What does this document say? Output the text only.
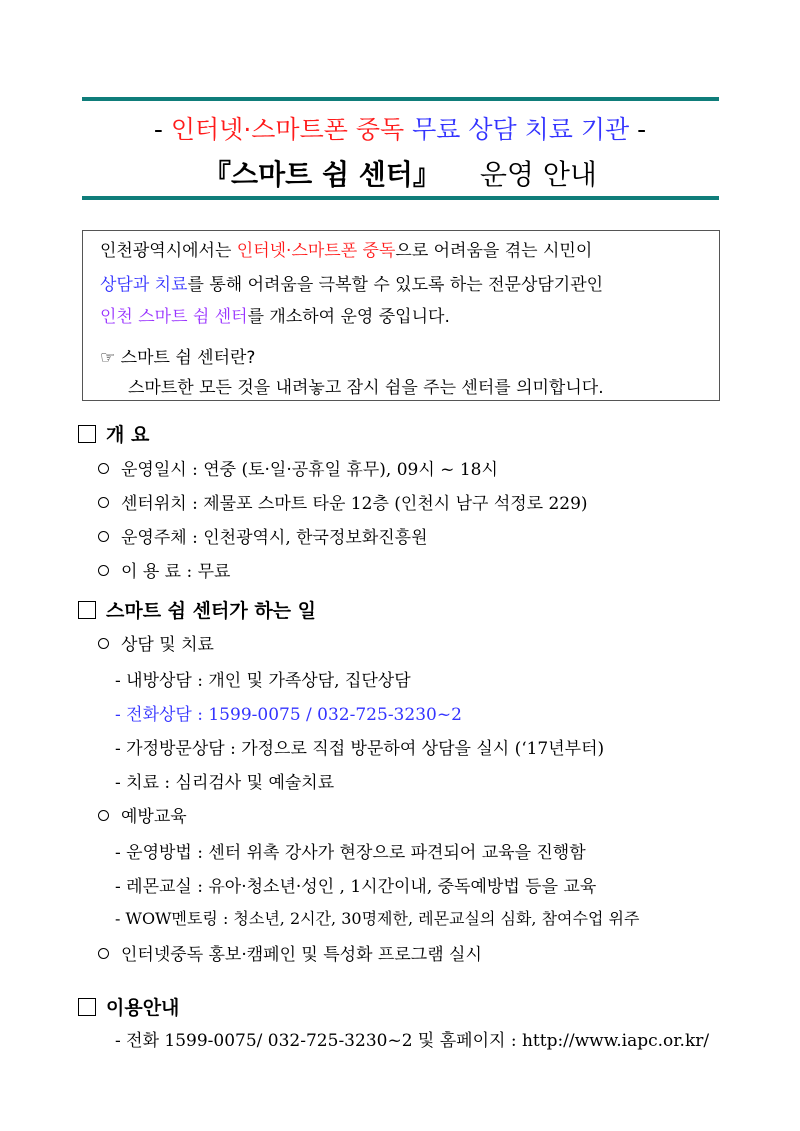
- 인터넷·스마트폰 중독 무료 상담 치료 기관 -
『스마트 쉼 센터』 운영 안내
인천광역시에서는 인터넷·스마트폰 중독으로 어려움을 겪는 시민이
상담과 치료를 통해 어려움을 극복할 수 있도록 하는 전문상담기관인
인천 스마트 쉼 센터를 개소하여 운영 중입니다.
☞ 스마트 쉼 센터란?
스마트한 모든 것을 내려놓고 잠시 쉼을 주는 센터를 의미합니다.
개 요
운영일시 : 연중 (토·일·공휴일 휴무), 09시 ~ 18시
센터위치 : 제물포 스마트 타운 12층 (인천시 남구 석정로 229)
운영주체 : 인천광역시, 한국정보화진흥원
이 용 료 : 무료
스마트 쉼 센터가 하는 일
상담 및 치료
- 내방상담 : 개인 및 가족상담, 집단상담
- 전화상담 : 1599-0075 / 032-725-3230~2
- 가정방문상담 : 가정으로 직접 방문하여 상담을 실시 (‘17년부터)
- 치료 : 심리검사 및 예술치료
예방교육
- 운영방법 : 센터 위촉 강사가 현장으로 파견되어 교육을 진행함
- 레몬교실 : 유아·청소년·성인 , 1시간이내, 중독예방법 등을 교육
- WOW멘토링 : 청소년, 2시간, 30명제한, 레몬교실의 심화, 참여수업 위주
인터넷중독 홍보·캠페인 및 특성화 프로그램 실시
이용안내
- 전화 1599-0075/ 032-725-3230~2 및 홈페이지 : http://www.iapc.or.kr/
